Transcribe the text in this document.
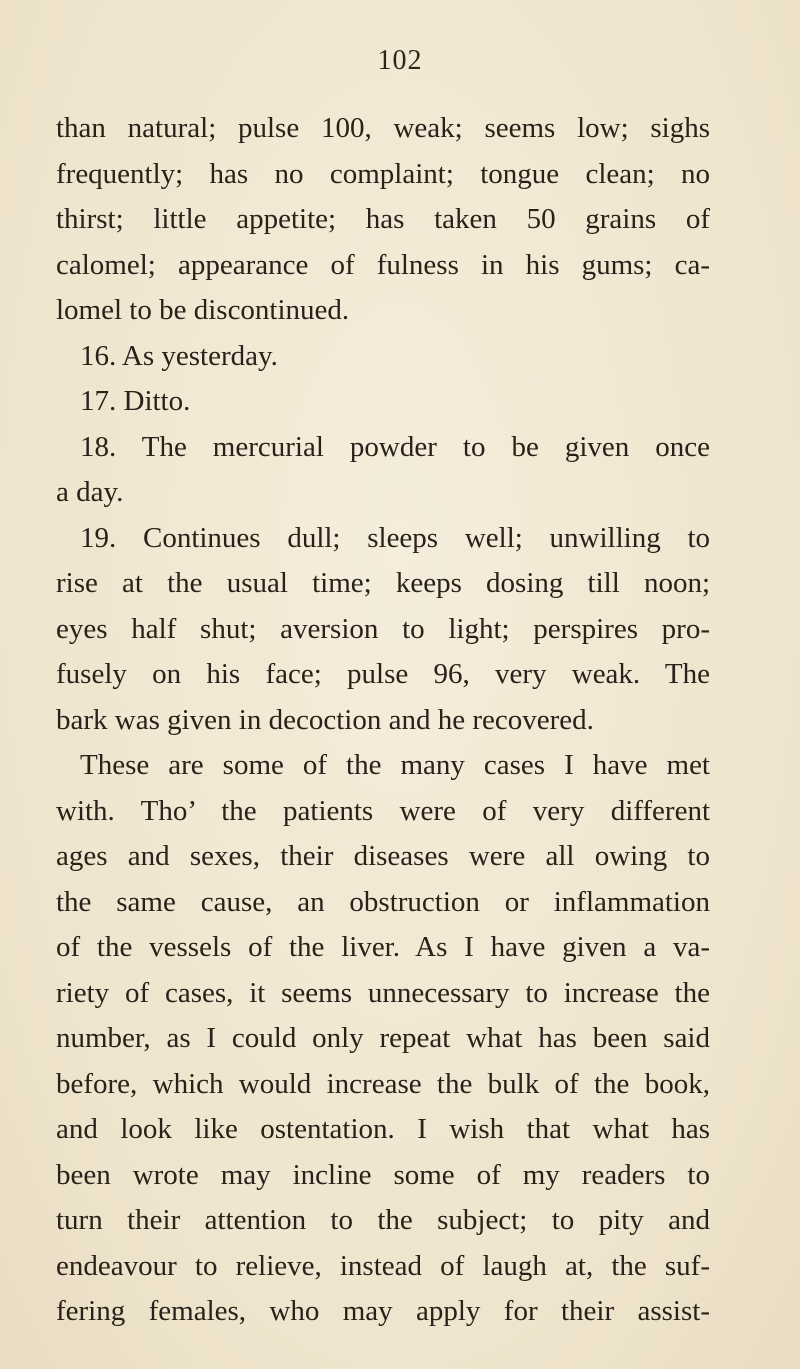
102
than natural; pulse 100, weak; seems low; sighs
frequently; has no complaint; tongue clean; no
thirst; little appetite; has taken 50 grains of
calomel; appearance of fulness in his gums; ca-
lomel to be discontinued.
16. As yesterday.
17. Ditto.
18. The mercurial powder to be given once
a day.
19. Continues dull; sleeps well; unwilling to
rise at the usual time; keeps dosing till noon;
eyes half shut; aversion to light; perspires pro-
fusely on his face; pulse 96, very weak. The
bark was given in decoction and he recovered.
These are some of the many cases I have met
with. Tho’ the patients were of very different
ages and sexes, their diseases were all owing to
the same cause, an obstruction or inflammation
of the vessels of the liver. As I have given a va-
riety of cases, it seems unnecessary to increase the
number, as I could only repeat what has been said
before, which would increase the bulk of the book,
and look like ostentation. I wish that what has
been wrote may incline some of my readers to
turn their attention to the subject; to pity and
endeavour to relieve, instead of laugh at, the suf-
fering females, who may apply for their assist-
